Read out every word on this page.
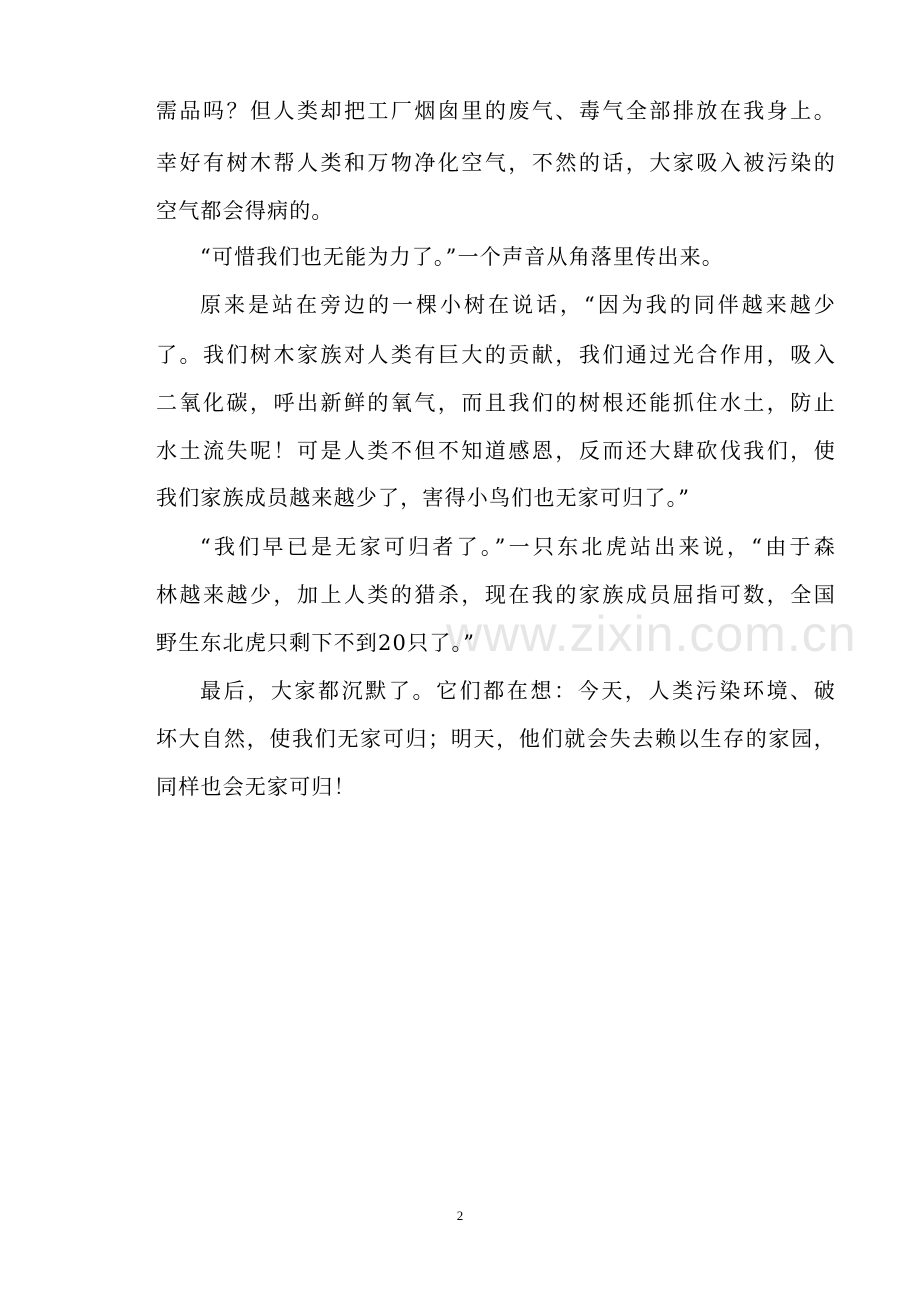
www.zixin.com.cn
需品吗？但人类却把工厂烟囱里的废气、毒气全部排放在我身上。
幸好有树木帮人类和万物净化空气，不然的话，大家吸入被污染的
空气都会得病的。
“可惜我们也无能为力了。”一个声音从角落里传出来。
原来是站在旁边的一棵小树在说话，“因为我的同伴越来越少
了。我们树木家族对人类有巨大的贡献，我们通过光合作用，吸入
二氧化碳，呼出新鲜的氧气，而且我们的树根还能抓住水土，防止
水土流失呢！可是人类不但不知道感恩，反而还大肆砍伐我们，使
我们家族成员越来越少了，害得小鸟们也无家可归了。”
“我们早已是无家可归者了。”一只东北虎站出来说，“由于森
林越来越少，加上人类的猎杀，现在我的家族成员屈指可数，全国
野生东北虎只剩下不到20只了。”
最后，大家都沉默了。它们都在想：今天，人类污染环境、破
坏大自然，使我们无家可归；明天，他们就会失去赖以生存的家园，
同样也会无家可归！
2
